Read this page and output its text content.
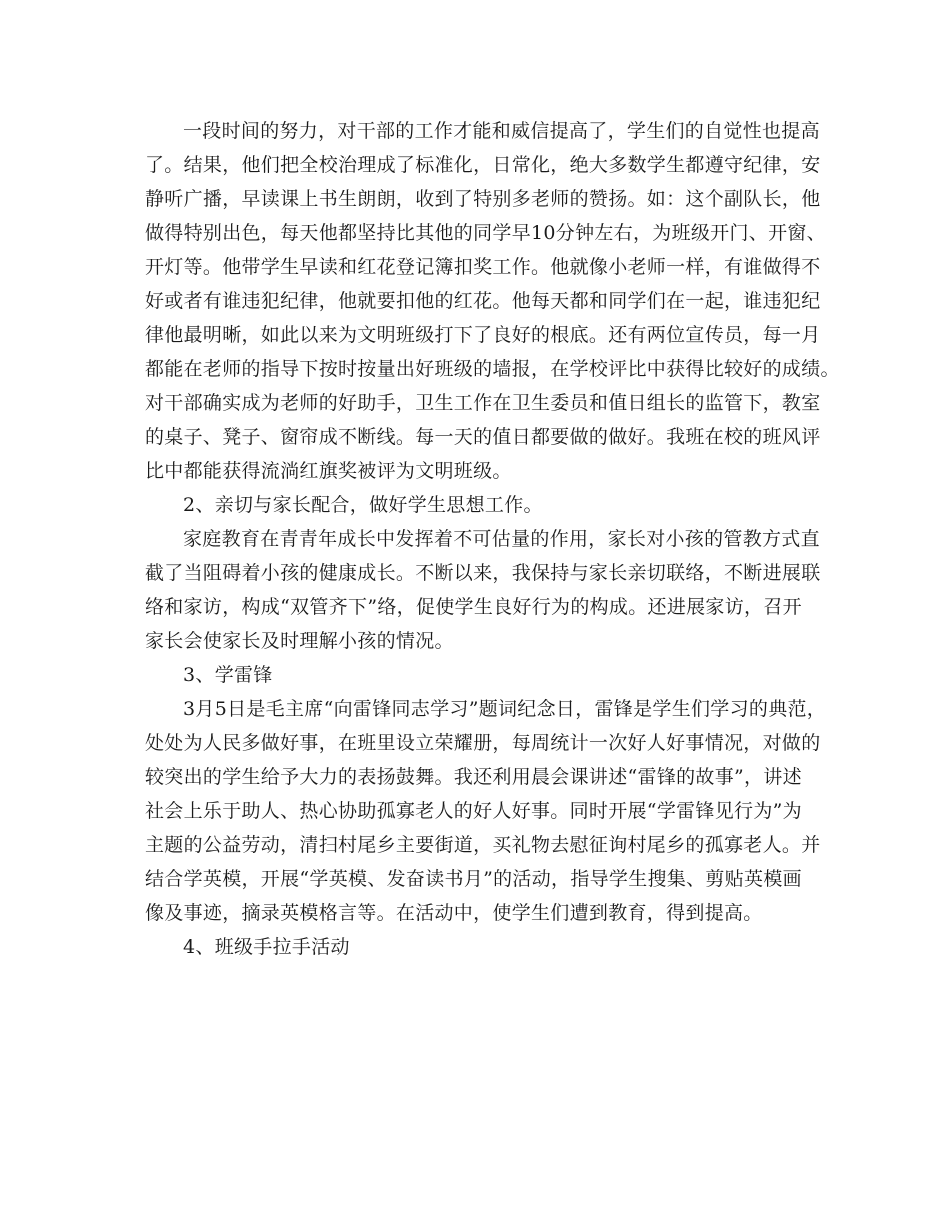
一段时间的努力，对干部的工作才能和威信提高了，学生们的自觉性也提高
了。结果，他们把全校治理成了标准化，日常化，绝大多数学生都遵守纪律，安
静听广播，早读课上书生朗朗，收到了特别多老师的赞扬。如：这个副队长，他
做得特别出色，每天他都坚持比其他的同学早10分钟左右，为班级开门、开窗、
开灯等。他带学生早读和红花登记簿扣奖工作。他就像小老师一样，有谁做得不
好或者有谁违犯纪律，他就要扣他的红花。他每天都和同学们在一起，谁违犯纪
律他最明晰，如此以来为文明班级打下了良好的根底。还有两位宣传员，每一月
都能在老师的指导下按时按量出好班级的墙报，在学校评比中获得比较好的成绩。
对干部确实成为老师的好助手，卫生工作在卫生委员和值日组长的监管下，教室
的桌子、凳子、窗帘成不断线。每一天的值日都要做的做好。我班在校的班风评
比中都能获得流淌红旗奖被评为文明班级。
2、亲切与家长配合，做好学生思想工作。
家庭教育在青青年成长中发挥着不可估量的作用，家长对小孩的管教方式直
截了当阻碍着小孩的健康成长。不断以来，我保持与家长亲切联络，不断进展联
络和家访，构成“双管齐下”络，促使学生良好行为的构成。还进展家访，召开
家长会使家长及时理解小孩的情况。
3、学雷锋
3月5日是毛主席“向雷锋同志学习”题词纪念日，雷锋是学生们学习的典范，
处处为人民多做好事，在班里设立荣耀册，每周统计一次好人好事情况，对做的
较突出的学生给予大力的表扬鼓舞。我还利用晨会课讲述“雷锋的故事”，讲述
社会上乐于助人、热心协助孤寡老人的好人好事。同时开展“学雷锋见行为”为
主题的公益劳动，清扫村尾乡主要街道，买礼物去慰征询村尾乡的孤寡老人。并
结合学英模，开展“学英模、发奋读书月”的活动，指导学生搜集、剪贴英模画
像及事迹，摘录英模格言等。在活动中，使学生们遭到教育，得到提高。
4、班级手拉手活动
